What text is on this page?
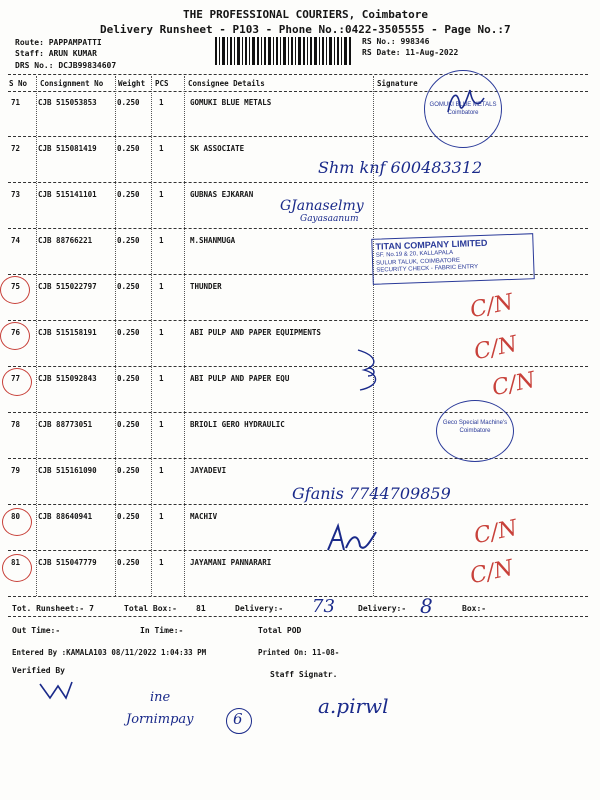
THE PROFESSIONAL COURIERS, Coimbatore
Delivery Runsheet - P103 - Phone No.:0422-3505555 - Page No.:7
Route: PAPPAMPATTI
Staff: ARUN KUMAR
DRS No.: DCJB99834607
RS No.: 998346
RS Date: 11-Aug-2022
S No Consignment No Weight PCS	Consignee Details	Signature
71 CJB 515053853	0.250	1	GOMUKI BLUE METALS
72 CJB 515081419	0.250	1	SK ASSOCIATE
73 CJB 515141101	0.250	1	GUBNAS EJKARAN
74 CJB 88766221	0.250	1	M.SHANMUGA
75 CJB 515022797	0.250	1	THUNDER
76 CJB 515158191	0.250	1	ABI PULP AND PAPER EQUIPMENTS
77 CJB 515092843	0.250	1	ABI PULP AND PAPER EQU
78 CJB 88773051	0.250	1	BRIOLI GERO HYDRAULIC
79 CJB 515161090	0.250	1	JAYADEVI
80 CJB 88640941	0.250	1	MACHIV
81 CJB 515047779	0.250	1	JAYAMANI PANNARARI
Tot. Runsheet:- 7	Total Box:- 81	Delivery:-	Delivery:-	Box:-
73	8
Out Time:-	In Time:-	Total POD
Entered By :KAMALA103 08/11/2022 1:04:33 PM	Printed On: 11-08-
Verified By	Staff Signatr.
GOMUKI BLUE METALS Coimbatore
TITAN COMPANY LIMITED
SF. No.19 & 20, KALLAPALA
SULUR TALUK, COIMBATORE
SECURITY CHECK - FABRIC ENTRY
Geco Special Machine's Coimbatore
Shm knf 600483312
GJanaselmy
Gayasaanum
Gfanis 7744709859
ine
Jornimpay	6
a.pirwl
C/N
C/N
C/N
C/N
C/N
